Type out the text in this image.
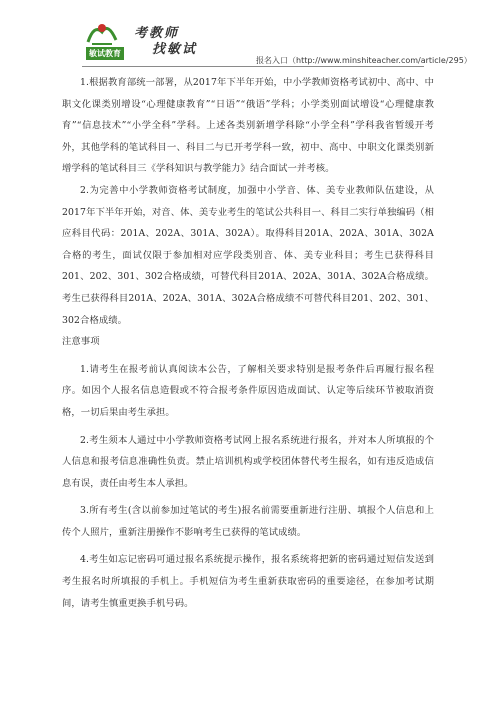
敏试教育
考教师
找敏试
报名入口（http://www.minshiteacher.com/article/295）

1.根据教育部统一部署，从2017年下半年开始，中小学教师资格考试初中、高中、中职文化课类别增设“心理健康教育”“日语”“俄语”学科；小学类别面试增设“心理健康教育”“信息技术”“小学全科”学科。上述各类别新增学科除“小学全科”学科我省暂缓开考外，其他学科的笔试科目一、科目二与已开考学科一致，初中、高中、中职文化课类别新增学科的笔试科目三《学科知识与教学能力》结合面试一并考核。

2.为完善中小学教师资格考试制度，加强中小学音、体、美专业教师队伍建设，从2017年下半年开始，对音、体、美专业考生的笔试公共科目一、科目二实行单独编码（相应科目代码：201A、202A、301A、302A）。取得科目201A、202A、301A、302A合格的考生，面试仅限于参加相对应学段类别音、体、美专业科目；考生已获得科目201、202、301、302合格成绩，可替代科目201A、202A、301A、302A合格成绩。考生已获得科目201A、202A、301A、302A合格成绩不可替代科目201、202、301、302合格成绩。

注意事项

1.请考生在报考前认真阅读本公告，了解相关要求特别是报考条件后再履行报名程序。如因个人报名信息造假或不符合报考条件原因造成面试、认定等后续环节被取消资格，一切后果由考生承担。

2.考生须本人通过中小学教师资格考试网上报名系统进行报名，并对本人所填报的个人信息和报考信息准确性负责。禁止培训机构或学校团体替代考生报名，如有违反造成信息有误，责任由考生本人承担。

3.所有考生(含以前参加过笔试的考生)报名前需要重新进行注册、填报个人信息和上传个人照片，重新注册操作不影响考生已获得的笔试成绩。

4.考生如忘记密码可通过报名系统提示操作，报名系统将把新的密码通过短信发送到考生报名时所填报的手机上。手机短信为考生重新获取密码的重要途径，在参加考试期间，请考生慎重更换手机号码。
